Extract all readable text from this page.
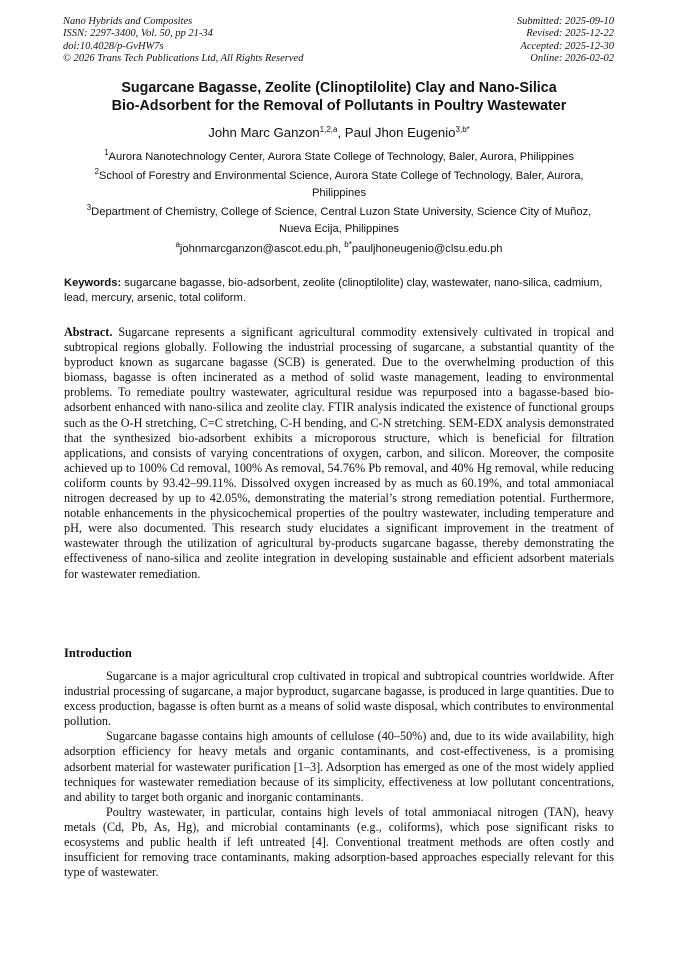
Nano Hybrids and Composites
ISSN: 2297-3400, Vol. 50, pp 21-34
doi:10.4028/p-GvHW7s
© 2026 Trans Tech Publications Ltd, All Rights Reserved
Submitted: 2025-09-10
Revised: 2025-12-22
Accepted: 2025-12-30
Online: 2026-02-02
Sugarcane Bagasse, Zeolite (Clinoptilolite) Clay and Nano-Silica
Bio-Adsorbent for the Removal of Pollutants in Poultry Wastewater
John Marc Ganzon$^{1,2,a}$, Paul Jhon Eugenio$^{3,b*}$
$^1$Aurora Nanotechnology Center, Aurora State College of Technology, Baler, Aurora, Philippines
$^2$School of Forestry and Environmental Science, Aurora State College of Technology, Baler, Aurora, Philippines
$^3$Department of Chemistry, College of Science, Central Luzon State University, Science City of Muñoz, Nueva Ecija, Philippines
$^a$johnmarcganzon@ascot.edu.ph, $^{b*}$pauljhoneugenio@clsu.edu.ph
Keywords: sugarcane bagasse, bio-adsorbent, zeolite (clinoptilolite) clay, wastewater, nano-silica, cadmium, lead, mercury, arsenic, total coliform.
Abstract. Sugarcane represents a significant agricultural commodity extensively cultivated in tropical and subtropical regions globally. Following the industrial processing of sugarcane, a substantial quantity of the byproduct known as sugarcane bagasse (SCB) is generated. Due to the overwhelming production of this biomass, bagasse is often incinerated as a method of solid waste management, leading to environmental problems. To remediate poultry wastewater, agricultural residue was repurposed into a bagasse-based bio-adsorbent enhanced with nano-silica and zeolite clay. FTIR analysis indicated the existence of functional groups such as the O-H stretching, C=C stretching, C-H bending, and C-N stretching. SEM-EDX analysis demonstrated that the synthesized bio-adsorbent exhibits a microporous structure, which is beneficial for filtration applications, and consists of varying concentrations of oxygen, carbon, and silicon. Moreover, the composite achieved up to 100% Cd removal, 100% As removal, 54.76% Pb removal, and 40% Hg removal, while reducing coliform counts by 93.42–99.11%. Dissolved oxygen increased by as much as 60.19%, and total ammoniacal nitrogen decreased by up to 42.05%, demonstrating the material’s strong remediation potential. Furthermore, notable enhancements in the physicochemical properties of the poultry wastewater, including temperature and pH, were also documented. This research study elucidates a significant improvement in the treatment of wastewater through the utilization of agricultural by-products sugarcane bagasse, thereby demonstrating the effectiveness of nano-silica and zeolite integration in developing sustainable and efficient adsorbent materials for wastewater remediation.
Introduction

Sugarcane is a major agricultural crop cultivated in tropical and subtropical countries worldwide. After industrial processing of sugarcane, a major byproduct, sugarcane bagasse, is produced in large quantities. Due to excess production, bagasse is often burnt as a means of solid waste disposal, which contributes to environmental pollution.

Sugarcane bagasse contains high amounts of cellulose (40–50%) and, due to its wide availability, high adsorption efficiency for heavy metals and organic contaminants, and cost-effectiveness, is a promising adsorbent material for wastewater purification [1–3]. Adsorption has emerged as one of the most widely applied techniques for wastewater remediation because of its simplicity, effectiveness at low pollutant concentrations, and ability to target both organic and inorganic contaminants.

Poultry wastewater, in particular, contains high levels of total ammoniacal nitrogen (TAN), heavy metals (Cd, Pb, As, Hg), and microbial contaminants (e.g., coliforms), which pose significant risks to ecosystems and public health if left untreated [4]. Conventional treatment methods are often costly and insufficient for removing trace contaminants, making adsorption-based approaches especially relevant for this type of wastewater.
